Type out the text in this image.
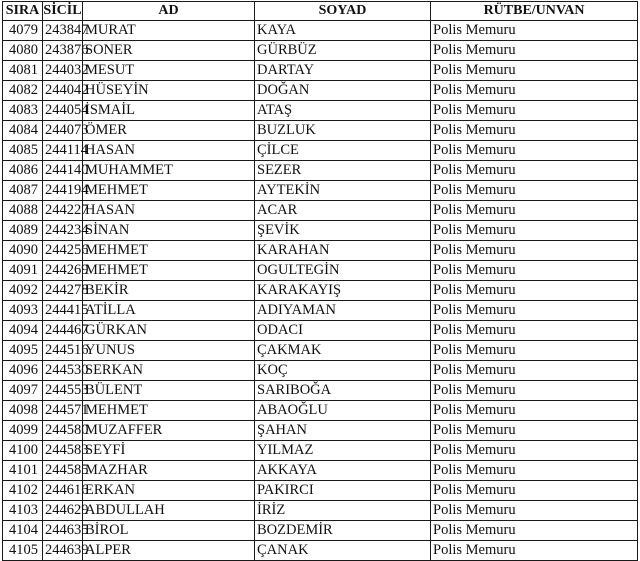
SIRA	SİCİL	AD	SOYAD	RÜTBE/UNVAN
4079	243847	MURAT	KAYA	Polis Memuru
4080	243876	SONER	GÜRBÜZ	Polis Memuru
4081	244032	MESUT	DARTAY	Polis Memuru
4082	244042	HÜSEYİN	DOĞAN	Polis Memuru
4083	244054	İSMAİL	ATAŞ	Polis Memuru
4084	244073	ÖMER	BUZLUK	Polis Memuru
4085	244114	HASAN	ÇİLCE	Polis Memuru
4086	244140	MUHAMMET	SEZER	Polis Memuru
4087	244194	MEHMET	AYTEKİN	Polis Memuru
4088	244227	HASAN	ACAR	Polis Memuru
4089	244234	SİNAN	ŞEVİK	Polis Memuru
4090	244256	MEHMET	KARAHAN	Polis Memuru
4091	244269	MEHMET	OGULTEGİN	Polis Memuru
4092	244278	BEKİR	KARAKAYIŞ	Polis Memuru
4093	244415	ATİLLA	ADIYAMAN	Polis Memuru
4094	244467	GÜRKAN	ODACI	Polis Memuru
4095	244516	YUNUS	ÇAKMAK	Polis Memuru
4096	244530	SERKAN	KOÇ	Polis Memuru
4097	244553	BÜLENT	SARIBOĞA	Polis Memuru
4098	244571	MEHMET	ABAOĞLU	Polis Memuru
4099	244580	MUZAFFER	ŞAHAN	Polis Memuru
4100	244583	SEYFİ	YILMAZ	Polis Memuru
4101	244585	MAZHAR	AKKAYA	Polis Memuru
4102	244616	ERKAN	PAKIRCI	Polis Memuru
4103	244629	ABDULLAH	İRİZ	Polis Memuru
4104	244635	BİROL	BOZDEMİR	Polis Memuru
4105	244639	ALPER	ÇANAK	Polis Memuru
